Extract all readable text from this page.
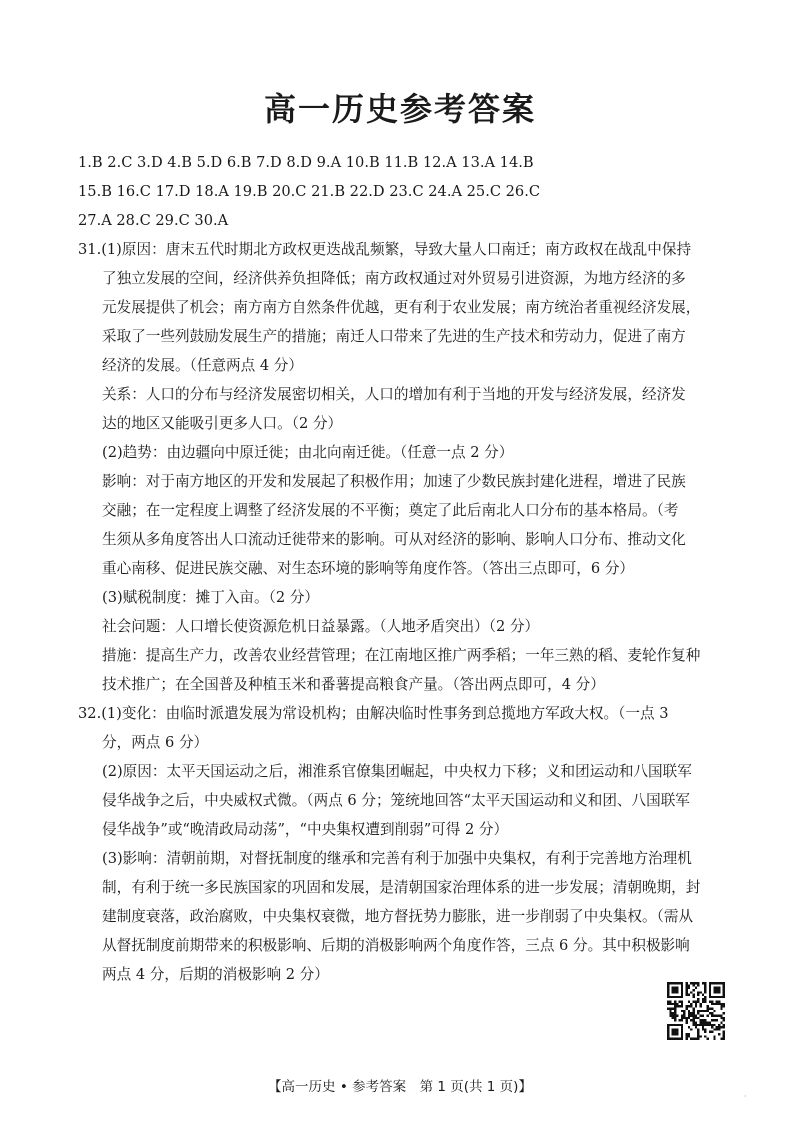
高一历史参考答案
1.B 2.C 3.D 4.B 5.D 6.B 7.D 8.D 9.A 10.B 11.B 12.A 13.A 14.B
15.B 16.C 17.D 18.A 19.B 20.C 21.B 22.D 23.C 24.A 25.C 26.C
27.A 28.C 29.C 30.A
31.(1)原因：唐末五代时期北方政权更迭战乱频繁，导致大量人口南迁；南方政权在战乱中保持
了独立发展的空间，经济供养负担降低；南方政权通过对外贸易引进资源，为地方经济的多
元发展提供了机会；南方南方自然条件优越，更有利于农业发展；南方统治者重视经济发展，
采取了一些列鼓励发展生产的措施；南迁人口带来了先进的生产技术和劳动力，促进了南方
经济的发展。（任意两点 4 分）
关系：人口的分布与经济发展密切相关，人口的增加有利于当地的开发与经济发展，经济发
达的地区又能吸引更多人口。（2 分）
(2)趋势：由边疆向中原迁徙；由北向南迁徙。（任意一点 2 分）
影响：对于南方地区的开发和发展起了积极作用；加速了少数民族封建化进程，增进了民族
交融；在一定程度上调整了经济发展的不平衡；奠定了此后南北人口分布的基本格局。（考
生须从多角度答出人口流动迁徙带来的影响。可从对经济的影响、影响人口分布、推动文化
重心南移、促进民族交融、对生态环境的影响等角度作答。（答出三点即可，6 分）
(3)赋税制度：摊丁入亩。（2 分）
社会问题：人口增长使资源危机日益暴露。（人地矛盾突出）（2 分）
措施：提高生产力，改善农业经营管理；在江南地区推广两季稻；一年三熟的稻、麦轮作复种
技术推广；在全国普及种植玉米和番薯提高粮食产量。（答出两点即可，4 分）
32.(1)变化：由临时派遣发展为常设机构；由解决临时性事务到总揽地方军政大权。（一点 3
分，两点 6 分）
(2)原因：太平天国运动之后，湘淮系官僚集团崛起，中央权力下移；义和团运动和八国联军
侵华战争之后，中央威权式微。（两点 6 分；笼统地回答“太平天国运动和义和团、八国联军
侵华战争”或“晚清政局动荡”，“中央集权遭到削弱”可得 2 分）
(3)影响：清朝前期，对督抚制度的继承和完善有利于加强中央集权，有利于完善地方治理机
制，有利于统一多民族国家的巩固和发展，是清朝国家治理体系的进一步发展；清朝晚期，封
建制度衰落，政治腐败，中央集权衰微，地方督抚势力膨胀，进一步削弱了中央集权。（需从
从督抚制度前期带来的积极影响、后期的消极影响两个角度作答，三点 6 分。其中积极影响
两点 4 分，后期的消极影响 2 分）
【高一历史 • 参考答案　第 1 页(共 1 页)】
·
